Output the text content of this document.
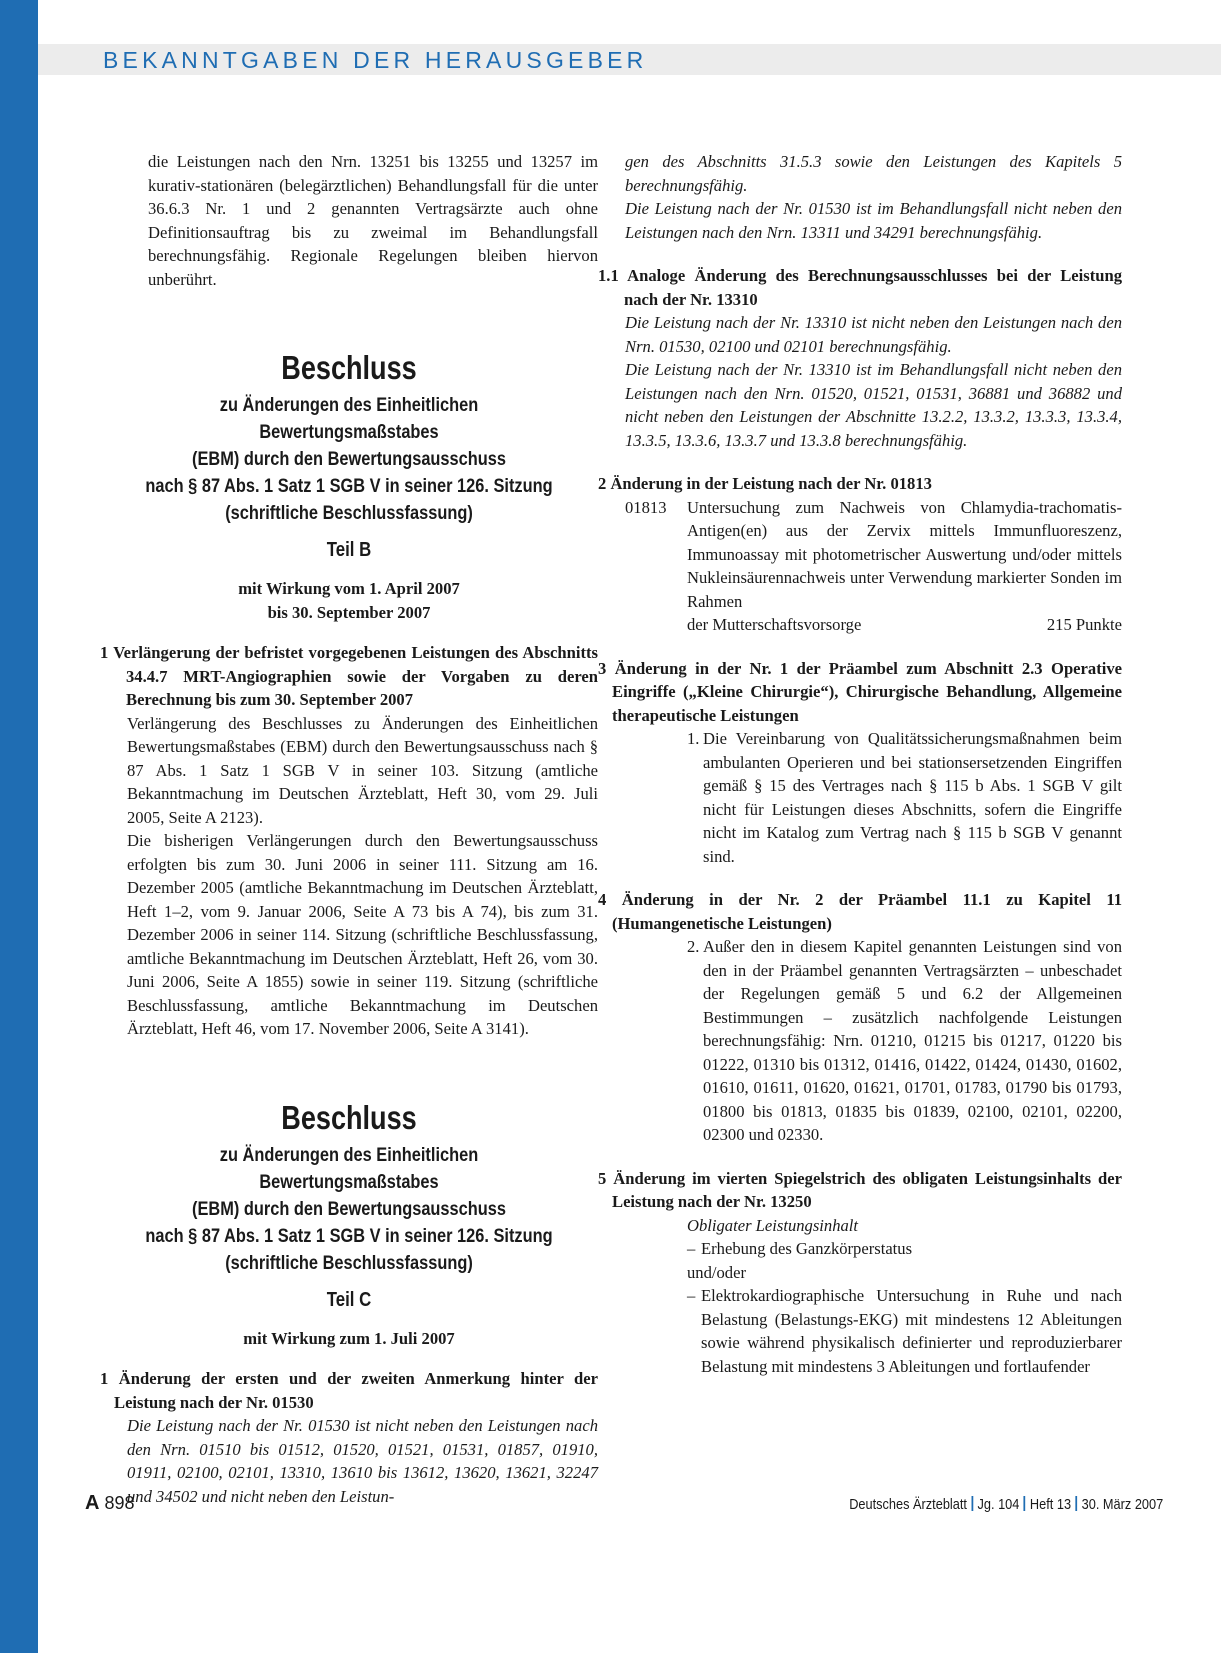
BEKANNTGABEN DER HERAUSGEBER

die Leistungen nach den Nrn. 13251 bis 13255 und 13257 im kurativ-stationären (belegärztlichen) Behandlungsfall für die unter 36.6.3 Nr. 1 und 2 genannten Vertragsärzte auch ohne Definitionsauftrag bis zu zweimal im Behandlungsfall berechnungsfähig. Regionale Regelungen bleiben hiervon unberührt.

Beschluss
zu Änderungen des Einheitlichen Bewertungsmaßstabes
(EBM) durch den Bewertungsausschuss
nach § 87 Abs. 1 Satz 1 SGB V in seiner 126. Sitzung
(schriftliche Beschlussfassung)
Teil B

mit Wirkung vom 1. April 2007

bis 30. September 2007

1 Verlängerung der befristet vorgegebenen Leistungen des Abschnitts 34.4.7 MRT-Angiographien sowie der Vorgaben zu deren Berechnung bis zum 30. September 2007

Verlängerung des Beschlusses zu Änderungen des Einheitlichen Bewertungsmaßstabes (EBM) durch den Bewertungsausschuss nach § 87 Abs. 1 Satz 1 SGB V in seiner 103. Sitzung (amtliche Bekanntmachung im Deutschen Ärzteblatt, Heft 30, vom 29. Juli 2005, Seite A 2123).

Die bisherigen Verlängerungen durch den Bewertungsausschuss erfolgten bis zum 30. Juni 2006 in seiner 111. Sitzung am 16. Dezember 2005 (amtliche Bekanntmachung im Deutschen Ärzteblatt, Heft 1–2, vom 9. Januar 2006, Seite A 73 bis A 74), bis zum 31. Dezember 2006 in seiner 114. Sitzung (schriftliche Beschlussfassung, amtliche Bekanntmachung im Deutschen Ärzteblatt, Heft 26, vom 30. Juni 2006, Seite A 1855) sowie in seiner 119. Sitzung (schriftliche Beschlussfassung, amtliche Bekanntmachung im Deutschen Ärzteblatt, Heft 46, vom 17. November 2006, Seite A 3141).

Beschluss
zu Änderungen des Einheitlichen Bewertungsmaßstabes
(EBM) durch den Bewertungsausschuss
nach § 87 Abs. 1 Satz 1 SGB V in seiner 126. Sitzung
(schriftliche Beschlussfassung)
Teil C

mit Wirkung zum 1. Juli 2007

1 Änderung der ersten und der zweiten Anmerkung hinter der Leistung nach der Nr. 01530

Die Leistung nach der Nr. 01530 ist nicht neben den Leistungen nach den Nrn. 01510 bis 01512, 01520, 01521, 01531, 01857, 01910, 01911, 02100, 02101, 13310, 13610 bis 13612, 13620, 13621, 32247 und 34502 und nicht neben den Leistun-

gen des Abschnitts 31.5.3 sowie den Leistungen des Kapitels 5 berechnungsfähig.

Die Leistung nach der Nr. 01530 ist im Behandlungsfall nicht neben den Leistungen nach den Nrn. 13311 und 34291 berechnungsfähig.

1.1 Analoge Änderung des Berechnungsausschlusses bei der Leistung nach der Nr. 13310

Die Leistung nach der Nr. 13310 ist nicht neben den Leistungen nach den Nrn. 01530, 02100 und 02101 berechnungsfähig.

Die Leistung nach der Nr. 13310 ist im Behandlungsfall nicht neben den Leistungen nach den Nrn. 01520, 01521, 01531, 36881 und 36882 und nicht neben den Leistungen der Abschnitte 13.2.2, 13.3.2, 13.3.3, 13.3.4, 13.3.5, 13.3.6, 13.3.7 und 13.3.8 berechnungsfähig.

2 Änderung in der Leistung nach der Nr. 01813

01813	Untersuchung zum Nachweis von Chlamydia-trachomatis-Antigen(en) aus der Zervix mittels Immunfluoreszenz, Immunoassay mit photometrischer Auswertung und/oder mittels Nukleinsäurennachweis unter Verwendung markierter Sonden im Rahmen

der Mutterschaftsvorsorge	215 Punkte

3 Änderung in der Nr. 1 der Präambel zum Abschnitt 2.3 Operative Eingriffe („Kleine Chirurgie“), Chirurgische Behandlung, Allgemeine therapeutische Leistungen

1. Die Vereinbarung von Qualitätssicherungsmaßnahmen beim ambulanten Operieren und bei stationsersetzenden Eingriffen gemäß § 15 des Vertrages nach § 115 b Abs. 1 SGB V gilt nicht für Leistungen dieses Abschnitts, sofern die Eingriffe nicht im Katalog zum Vertrag nach § 115 b SGB V genannt sind.

4 Änderung in der Nr. 2 der Präambel 11.1 zu Kapitel 11 (Humangenetische Leistungen)

2. Außer den in diesem Kapitel genannten Leistungen sind von den in der Präambel genannten Vertragsärzten – unbeschadet der Regelungen gemäß 5 und 6.2 der Allgemeinen Bestimmungen – zusätzlich nachfolgende Leistungen berechnungsfähig: Nrn. 01210, 01215 bis 01217, 01220 bis 01222, 01310 bis 01312, 01416, 01422, 01424, 01430, 01602, 01610, 01611, 01620, 01621, 01701, 01783, 01790 bis 01793, 01800 bis 01813, 01835 bis 01839, 02100, 02101, 02200, 02300 und 02330.

5 Änderung im vierten Spiegelstrich des obligaten Leistungsinhalts der Leistung nach der Nr. 13250

Obligater Leistungsinhalt

– Erhebung des Ganzkörperstatus

und/oder

– Elektrokardiographische Untersuchung in Ruhe und nach Belastung (Belastungs-EKG) mit mindestens 12 Ableitungen sowie während physikalisch definierter und reproduzierbarer Belastung mit mindestens 3 Ableitungen und fortlaufender

A 898	Deutsches Ärzteblatt Jg. 104 Heft 13 30. März 2007
